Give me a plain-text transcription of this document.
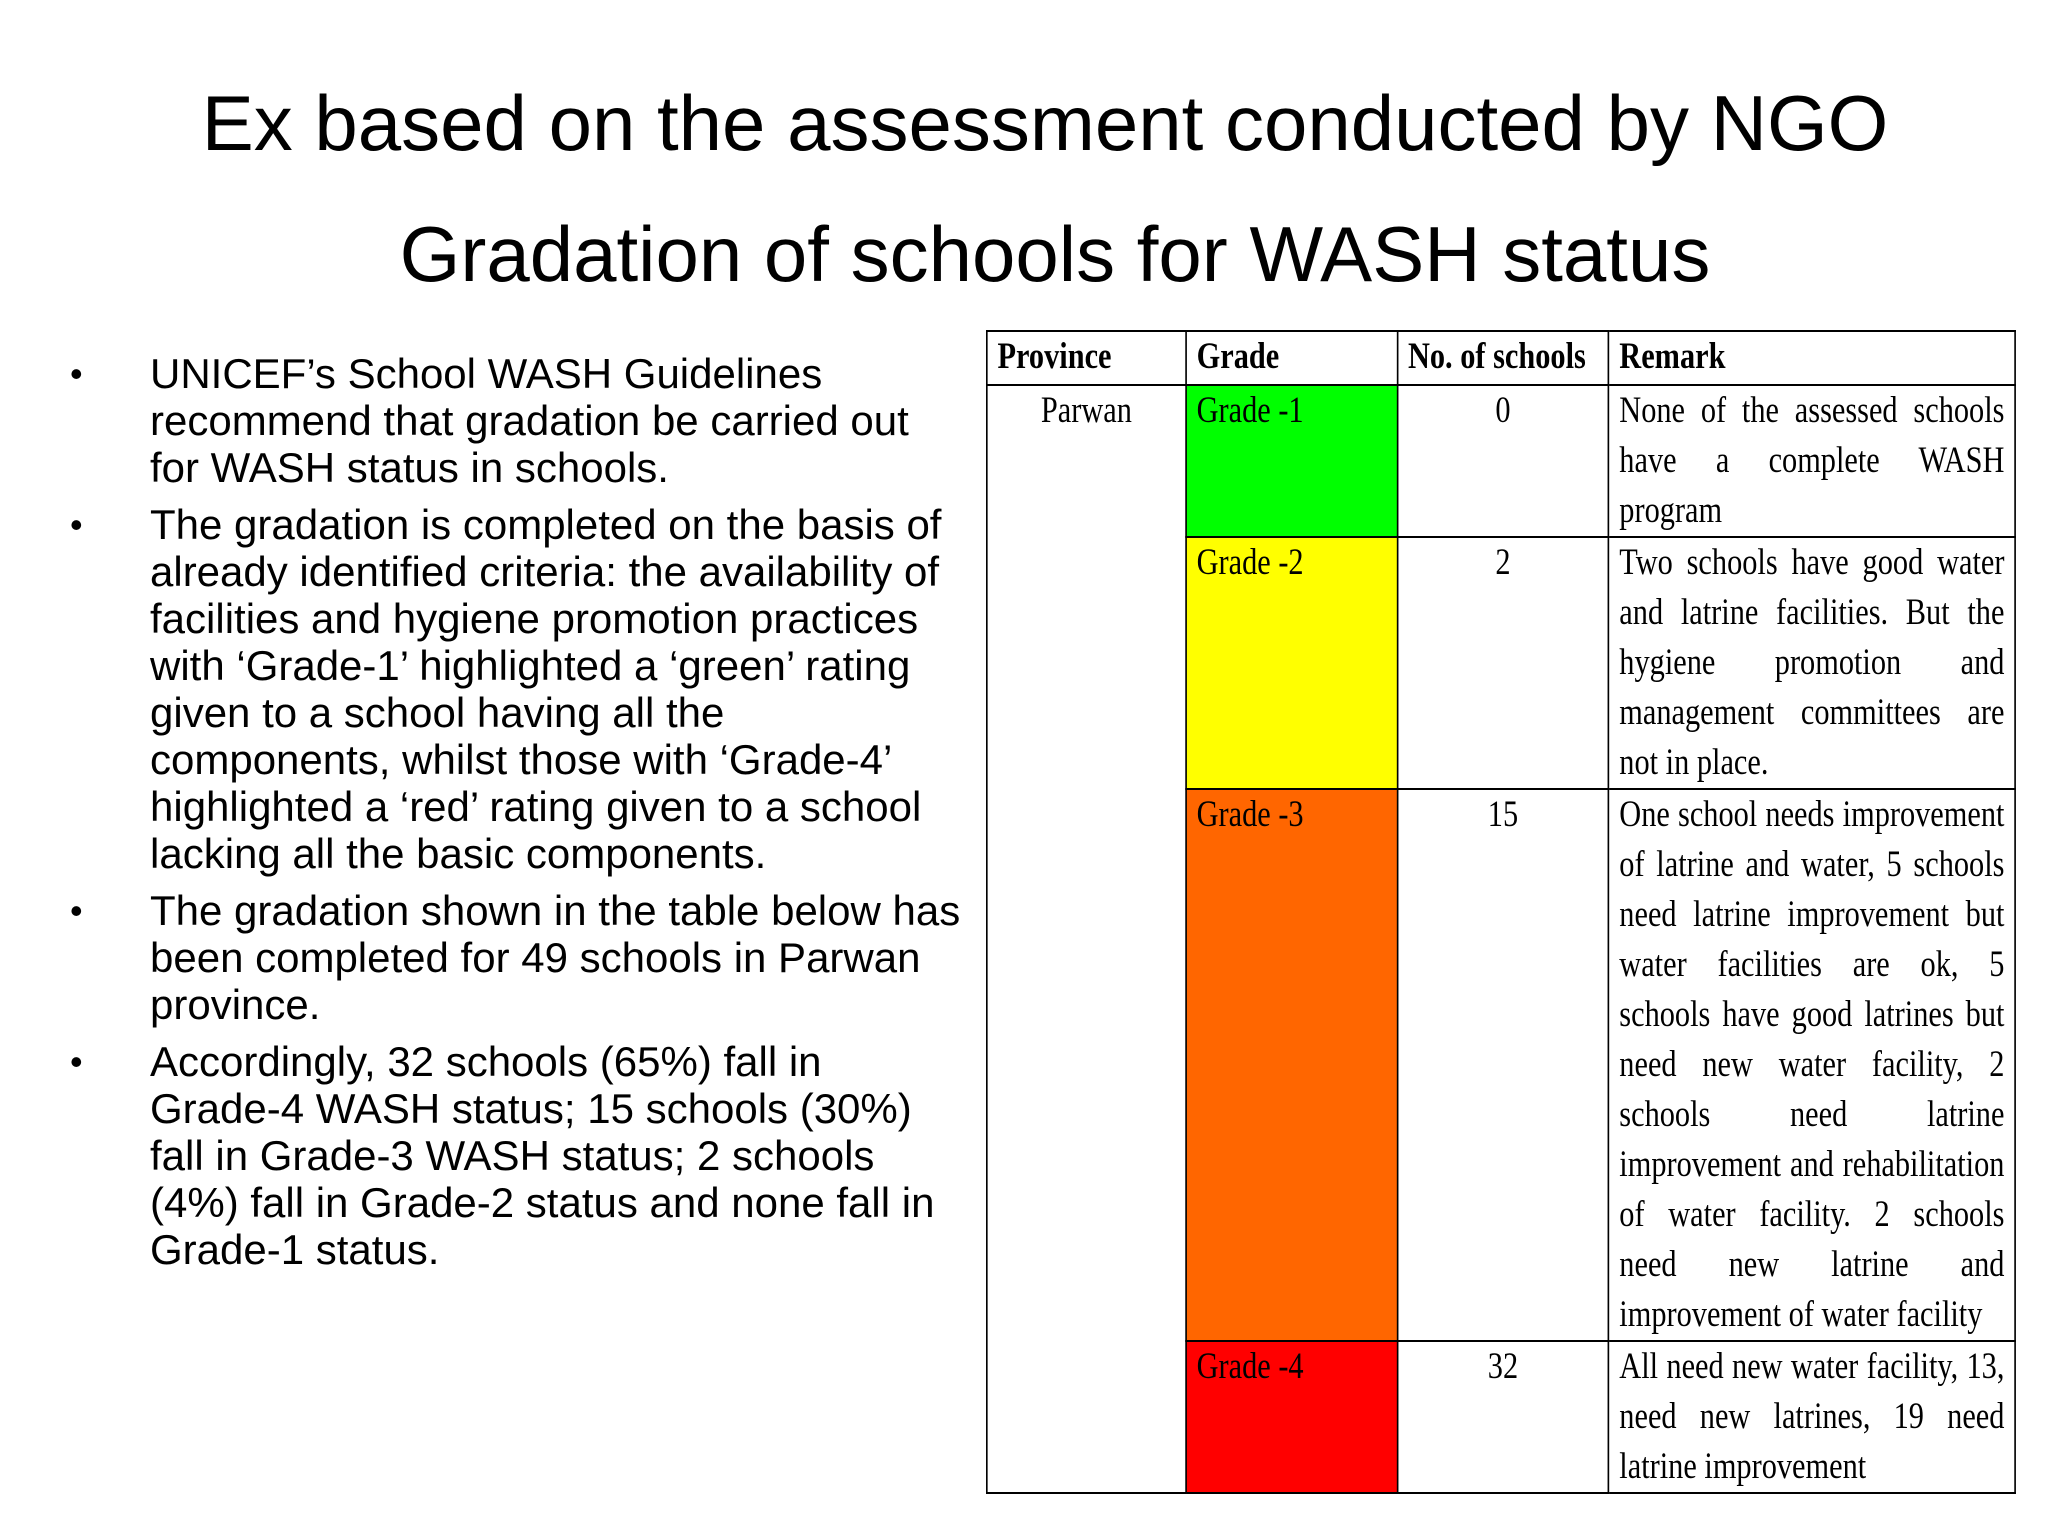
Ex based on the assessment conducted by NGO
Gradation of schools for WASH status
• UNICEF’s School WASH Guidelines recommend that gradation be carried out for WASH status in schools.
• The gradation is completed on the basis of already identified criteria: the availability of facilities and hygiene promotion practices with ‘Grade-1’ highlighted a ‘green’ rating given to a school having all the components, whilst those with ‘Grade-4’ highlighted a ‘red’ rating given to a school lacking all the basic components.
• The gradation shown in the table below has been completed for 49 schools in Parwan province.
• Accordingly, 32 schools (65%) fall in Grade-4 WASH status; 15 schools (30%) fall in Grade-3 WASH status; 2 schools (4%) fall in Grade-2 status and none fall in Grade-1 status.
Province	Grade	No. of schools	Remark
Parwan	Grade -1	0	None of the assessed schools have a complete WASH program
	Grade -2	2	Two schools have good water and latrine facilities. But the hygiene promotion and management committees are not in place.
	Grade -3	15	One school needs improvement of latrine and water, 5 schools need latrine improvement but water facilities are ok, 5 schools have good latrines but need new water facility, 2 schools need latrine improvement and rehabilitation of water facility. 2 schools need new latrine and improvement of water facility
	Grade -4	32	All need new water facility, 13, need new latrines, 19 need latrine improvement
